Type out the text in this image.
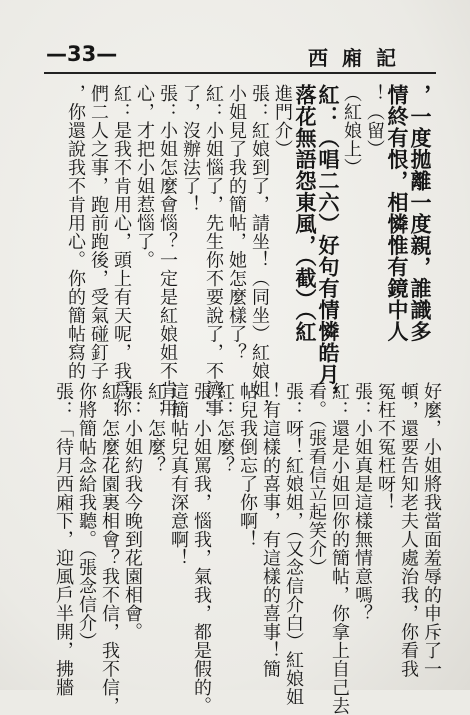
—33—	西廂記
，一度拋離一度親，誰識多
情終有恨，相憐惟有鏡中人
！（留）
（紅娘上）
紅：（唱二六）好句有情憐皓月，
落花無語怨東風，（截）（紅
進門介）
張：紅娘到了，請坐！（同坐）紅娘姐，
小姐見了我的簡帖，她怎麼樣了？
紅：小姐惱了，先生你不要說了，不濟事
了，沒辦法了！
張：小姐怎麼會惱？一定是紅娘姐不肯用
心，才把小姐惹惱了。
紅：是我不肯用心，頭上有天呢，我爲你
們二人之事，跑前跑後，受氣碰釘子
，你還說我不肯用心。你的簡帖寫的
好麼，小姐將我當面羞辱的申斥了一
頓，還要告知老夫人處治我，你看我
冤枉不冤枉呀！
張：小姐真是這樣無情意嗎？
紅：還是小姐回你的簡帖，你拿上自己去
看。（張看信立起笑介）
張：呀！紅娘姐，（又念信介白）紅娘姐
！有這樣的喜事，有這樣的喜事！簡
帖兒我倒忘了你啊！
紅：怎麼？
張：小姐罵我，惱我，氣我，都是假的。
這簡帖兒真有深意啊！
紅：怎麼？
張：小姐約我今晚到花園相會。
紅：怎麼花園裏相會？我不信，我不信，
你將簡帖念給我聽。（張念信介）
張：「待月西廂下，迎風戶半開，拂牆
